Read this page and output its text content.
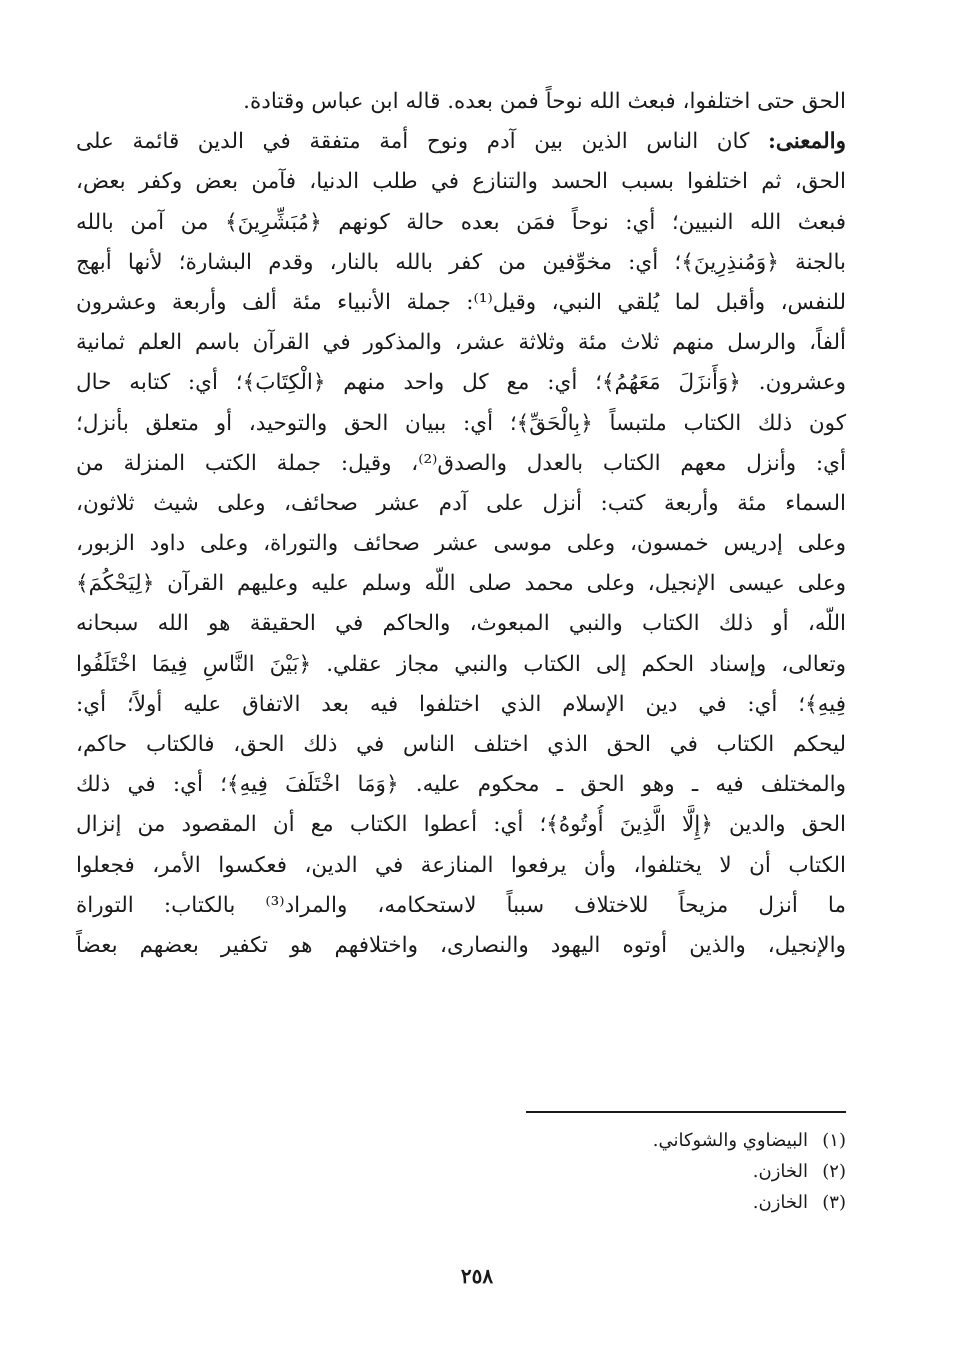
الحق حتى اختلفوا، فبعث الله نوحاً فمن بعده. قاله ابن عباس وقتادة.
والمعنى: كان الناس الذين بين آدم ونوح أمة متفقة في الدين قائمة على
الحق، ثم اختلفوا بسبب الحسد والتنازع في طلب الدنيا، فآمن بعض وكفر بعض،
فبعث الله النبيين؛ أي: نوحاً فمَن بعده حالة كونهم ﴿مُبَشِّرِينَ﴾ من آمن بالله
بالجنة ﴿وَمُنذِرِينَ﴾؛ أي: مخوِّفين من كفر بالله بالنار، وقدم البشارة؛ لأنها أبهج
للنفس، وأقبل لما يُلقي النبي، وقيل⁽¹⁾: جملة الأنبياء مئة ألف وأربعة وعشرون
ألفاً، والرسل منهم ثلاث مئة وثلاثة عشر، والمذكور في القرآن باسم العلم ثمانية
وعشرون. ﴿وَأَنزَلَ مَعَهُمُ﴾؛ أي: مع كل واحد منهم ﴿الْكِتَابَ﴾؛ أي: كتابه حال
كون ذلك الكتاب ملتبساً ﴿بِالْحَقِّ﴾؛ أي: ببيان الحق والتوحيد، أو متعلق بأنزل؛
أي: وأنزل معهم الكتاب بالعدل والصدق⁽²⁾، وقيل: جملة الكتب المنزلة من
السماء مئة وأربعة كتب: أنزل على آدم عشر صحائف، وعلى شيث ثلاثون،
وعلى إدريس خمسون، وعلى موسى عشر صحائف والتوراة، وعلى داود الزبور،
وعلى عيسى الإنجيل، وعلى محمد صلى اللّه وسلم عليه وعليهم القرآن ﴿لِيَحْكُمَ﴾
اللّه، أو ذلك الكتاب والنبي المبعوث، والحاكم في الحقيقة هو الله سبحانه
وتعالى، وإسناد الحكم إلى الكتاب والنبي مجاز عقلي. ﴿بَيْنَ النَّاسِ فِيمَا اخْتَلَفُوا
فِيهِ﴾؛ أي: في دين الإسلام الذي اختلفوا فيه بعد الاتفاق عليه أولاً؛ أي:
ليحكم الكتاب في الحق الذي اختلف الناس في ذلك الحق، فالكتاب حاكم،
والمختلف فيه ـ وهو الحق ـ محكوم عليه. ﴿وَمَا اخْتَلَفَ فِيهِ﴾؛ أي: في ذلك
الحق والدين ﴿إِلَّا الَّذِينَ أُوتُوهُ﴾؛ أي: أعطوا الكتاب مع أن المقصود من إنزال
الكتاب أن لا يختلفوا، وأن يرفعوا المنازعة في الدين، فعكسوا الأمر، فجعلوا
ما أنزل مزيحاً للاختلاف سبباً لاستحكامه، والمراد⁽³⁾ بالكتاب: التوراة
والإنجيل، والذين أوتوه اليهود والنصارى، واختلافهم هو تكفير بعضهم بعضاً
(١)البيضاوي والشوكاني.
(٢)الخازن.
(٣)الخازن.
٢٥٨
